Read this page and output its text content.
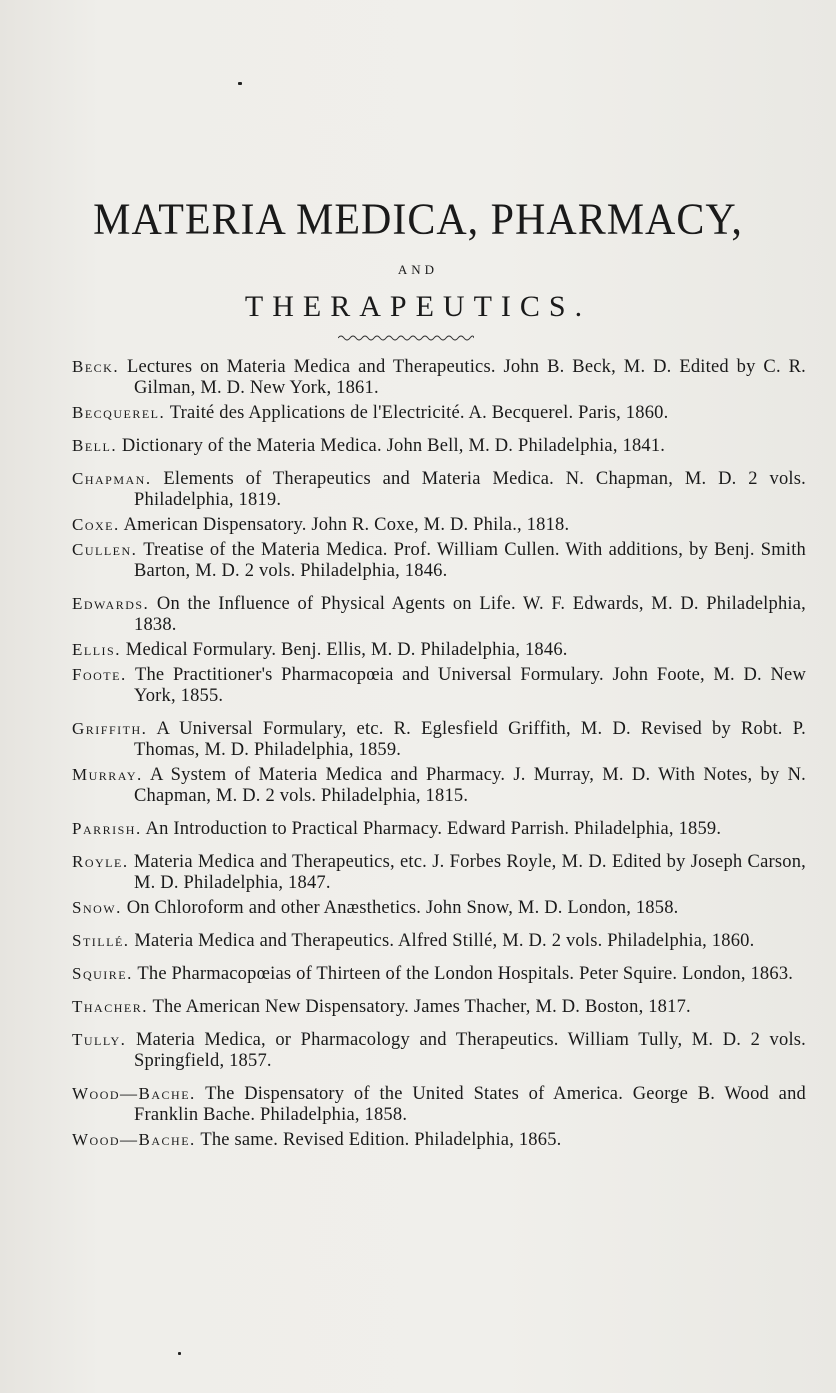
MATERIA MEDICA, PHARMACY,
AND
THERAPEUTICS.
Beck. Lectures on Materia Medica and Therapeutics. John B. Beck, M. D. Edited by C. R. Gilman, M. D. New York, 1861.
Becquerel. Traité des Applications de l'Electricité. A. Becquerel. Paris, 1860.
Bell. Dictionary of the Materia Medica. John Bell, M. D. Philadelphia, 1841.
Chapman. Elements of Therapeutics and Materia Medica. N. Chapman, M. D. 2 vols. Philadelphia, 1819.
Coxe. American Dispensatory. John R. Coxe, M. D. Phila., 1818.
Cullen. Treatise of the Materia Medica. Prof. William Cullen. With additions, by Benj. Smith Barton, M. D. 2 vols. Philadelphia, 1846.
Edwards. On the Influence of Physical Agents on Life. W. F. Edwards, M. D. Philadelphia, 1838.
Ellis. Medical Formulary. Benj. Ellis, M. D. Philadelphia, 1846.
Foote. The Practitioner's Pharmacopœia and Universal Formulary. John Foote, M. D. New York, 1855.
Griffith. A Universal Formulary, etc. R. Eglesfield Griffith, M. D. Revised by Robt. P. Thomas, M. D. Philadelphia, 1859.
Murray. A System of Materia Medica and Pharmacy. J. Murray, M. D. With Notes, by N. Chapman, M. D. 2 vols. Philadelphia, 1815.
Parrish. An Introduction to Practical Pharmacy. Edward Parrish. Philadelphia, 1859.
Royle. Materia Medica and Therapeutics, etc. J. Forbes Royle, M. D. Edited by Joseph Carson, M. D. Philadelphia, 1847.
Snow. On Chloroform and other Anæsthetics. John Snow, M. D. London, 1858.
Stillé. Materia Medica and Therapeutics. Alfred Stillé, M. D. 2 vols. Philadelphia, 1860.
Squire. The Pharmacopœias of Thirteen of the London Hospitals. Peter Squire. London, 1863.
Thacher. The American New Dispensatory. James Thacher, M. D. Boston, 1817.
Tully. Materia Medica, or Pharmacology and Therapeutics. William Tully, M. D. 2 vols. Springfield, 1857.
Wood—Bache. The Dispensatory of the United States of America. George B. Wood and Franklin Bache. Philadelphia, 1858.
Wood—Bache. The same. Revised Edition. Philadelphia, 1865.
